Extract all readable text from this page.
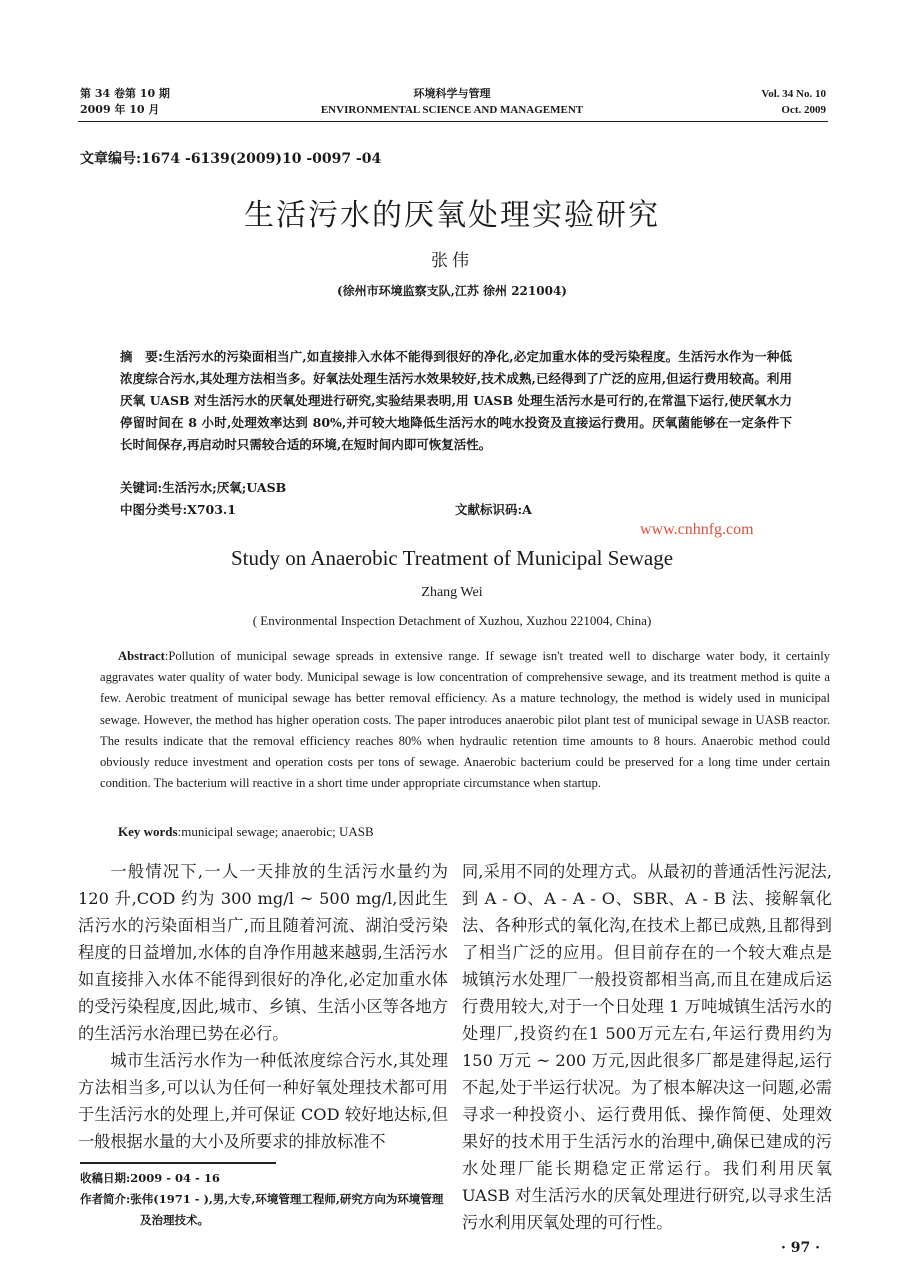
第 34 卷第 10 期
2009 年 10 月
环境科学与管理
ENVIRONMENTAL SCIENCE AND MANAGEMENT
Vol. 34 No. 10
Oct. 2009
文章编号:1674 -6139(2009)10 -0097 -04
生活污水的厌氧处理实验研究
张伟
(徐州市环境监察支队,江苏 徐州 221004)
摘　要:生活污水的污染面相当广,如直接排入水体不能得到很好的净化,必定加重水体的受污染程度。生活污水作为一种低浓度综合污水,其处理方法相当多。好氧法处理生活污水效果较好,技术成熟,已经得到了广泛的应用,但运行费用较高。利用厌氧 UASB 对生活污水的厌氧处理进行研究,实验结果表明,用 UASB 处理生活污水是可行的,在常温下运行,使厌氧水力停留时间在 8 小时,处理效率达到 80%,并可较大地降低生活污水的吨水投资及直接运行费用。厌氧菌能够在一定条件下长时间保存,再启动时只需较合适的环境,在短时间内即可恢复活性。
关键词:生活污水;厌氧;UASB
中图分类号:X703.1	文献标识码:A
www.cnhnfg.com
Study on Anaerobic Treatment of Municipal Sewage
Zhang Wei
( Environmental Inspection Detachment of Xuzhou, Xuzhou 221004, China)
Abstract:Pollution of municipal sewage spreads in extensive range. If sewage isn't treated well to discharge water body, it certainly aggravates water quality of water body. Municipal sewage is low concentration of comprehensive sewage, and its treatment method is quite a few. Aerobic treatment of municipal sewage has better removal efficiency. As a mature technology, the method is widely used in municipal sewage. However, the method has higher operation costs. The paper introduces anaerobic pilot plant test of municipal sewage in UASB reactor. The results indicate that the removal efficiency reaches 80% when hydraulic retention time amounts to 8 hours. Anaerobic method could obviously reduce investment and operation costs per tons of sewage. Anaerobic bacterium could be preserved for a long time under certain condition. The bacterium will reactive in a short time under appropriate circumstance when startup.
Key words:municipal sewage; anaerobic; UASB

一般情况下,一人一天排放的生活污水量约为 120 升,COD 约为 300 mg/l ~ 500 mg/l,因此生活污水的污染面相当广,而且随着河流、湖泊受污染程度的日益增加,水体的自净作用越来越弱,生活污水如直接排入水体不能得到很好的净化,必定加重水体的受污染程度,因此,城市、乡镇、生活小区等各地方的生活污水治理已势在必行。

城市生活污水作为一种低浓度综合污水,其处理方法相当多,可以认为任何一种好氧处理技术都可用于生活污水的处理上,并可保证 COD 较好地达标,但一般根据水量的大小及所要求的排放标准不

同,采用不同的处理方式。从最初的普通活性污泥法,到 A - O、A - A - O、SBR、A - B 法、接解氧化法、各种形式的氧化沟,在技术上都已成熟,且都得到了相当广泛的应用。但目前存在的一个较大难点是城镇污水处理厂一般投资都相当高,而且在建成后运行费用较大,对于一个日处理 1 万吨城镇生活污水的处理厂,投资约在1 500万元左右,年运行费用约为 150 万元 ~ 200 万元,因此很多厂都是建得起,运行不起,处于半运行状况。为了根本解决这一问题,必需寻求一种投资小、运行费用低、操作简便、处理效果好的技术用于生活污水的治理中,确保已建成的污水处理厂能长期稳定正常运行。我们利用厌氧 UASB 对生活污水的厌氧处理进行研究,以寻求生活污水利用厌氧处理的可行性。

收稿日期:2009 - 04 - 16
作者简介:张伟(1971 - ),男,大专,环境管理工程师,研究方向为环境管理及治理技术。
· 97 ·
